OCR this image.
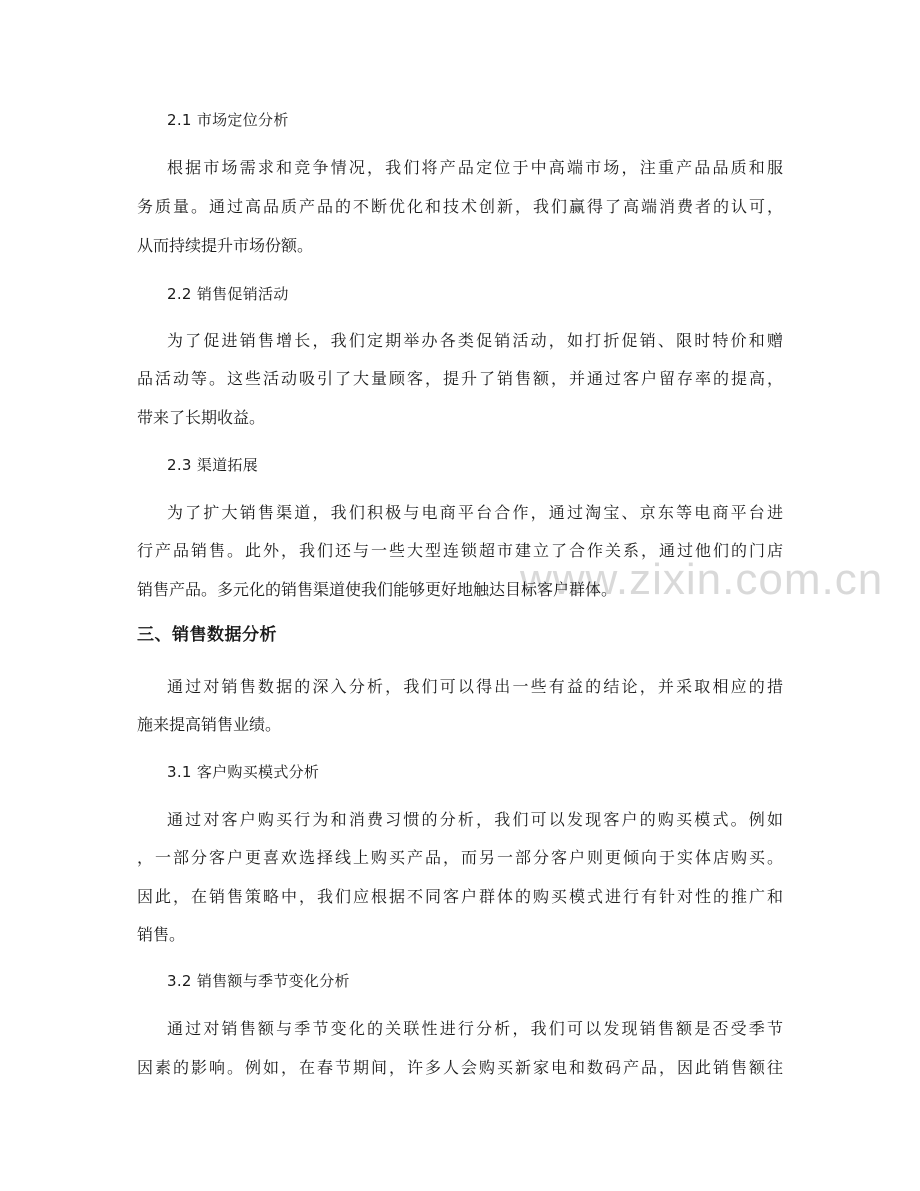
www.zixin.com.cn
2.1 市场定位分析
根据市场需求和竞争情况，我们将产品定位于中高端市场，注重产品品质和服
务质量。通过高品质产品的不断优化和技术创新，我们赢得了高端消费者的认可，
从而持续提升市场份额。
2.2 销售促销活动
为了促进销售增长，我们定期举办各类促销活动，如打折促销、限时特价和赠
品活动等。这些活动吸引了大量顾客，提升了销售额，并通过客户留存率的提高，
带来了长期收益。
2.3 渠道拓展
为了扩大销售渠道，我们积极与电商平台合作，通过淘宝、京东等电商平台进
行产品销售。此外，我们还与一些大型连锁超市建立了合作关系，通过他们的门店
销售产品。多元化的销售渠道使我们能够更好地触达目标客户群体。
三、销售数据分析
通过对销售数据的深入分析，我们可以得出一些有益的结论，并采取相应的措
施来提高销售业绩。
3.1 客户购买模式分析
通过对客户购买行为和消费习惯的分析，我们可以发现客户的购买模式。例如
，一部分客户更喜欢选择线上购买产品，而另一部分客户则更倾向于实体店购买。
因此，在销售策略中，我们应根据不同客户群体的购买模式进行有针对性的推广和
销售。
3.2 销售额与季节变化分析
通过对销售额与季节变化的关联性进行分析，我们可以发现销售额是否受季节
因素的影响。例如，在春节期间，许多人会购买新家电和数码产品，因此销售额往
